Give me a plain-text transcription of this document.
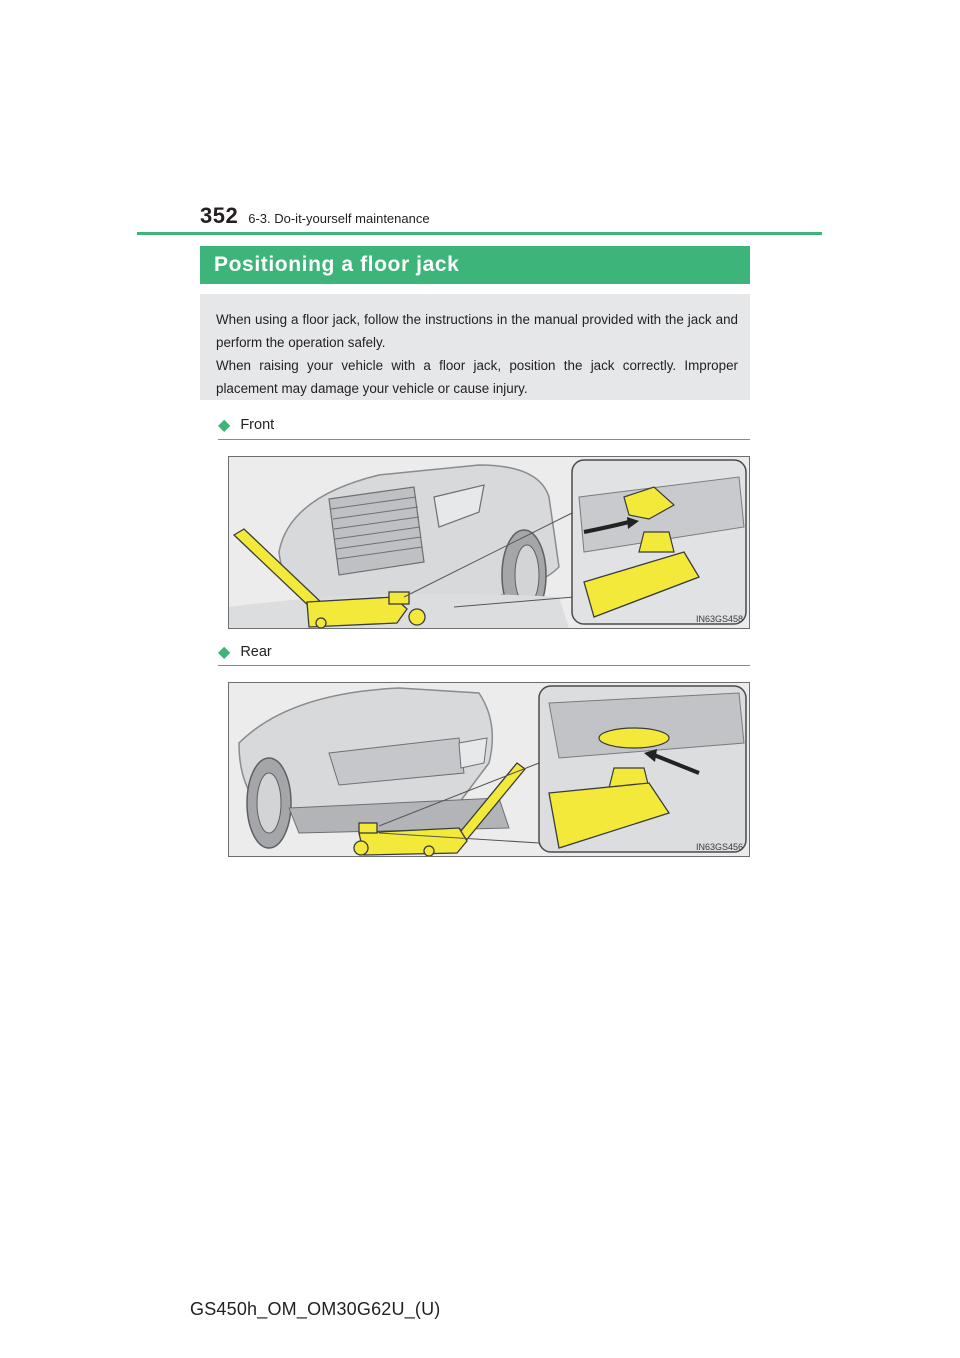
352 6-3. Do-it-yourself maintenance
Positioning a floor jack

When using a floor jack, follow the instructions in the manual provided with the jack and perform the operation safely.

When raising your vehicle with a floor jack, position the jack correctly. Improper placement may damage your vehicle or cause injury.

◆ Front
IN63GS458
◆ Rear
IN63GS456
GS450h_OM_OM30G62U_(U)
